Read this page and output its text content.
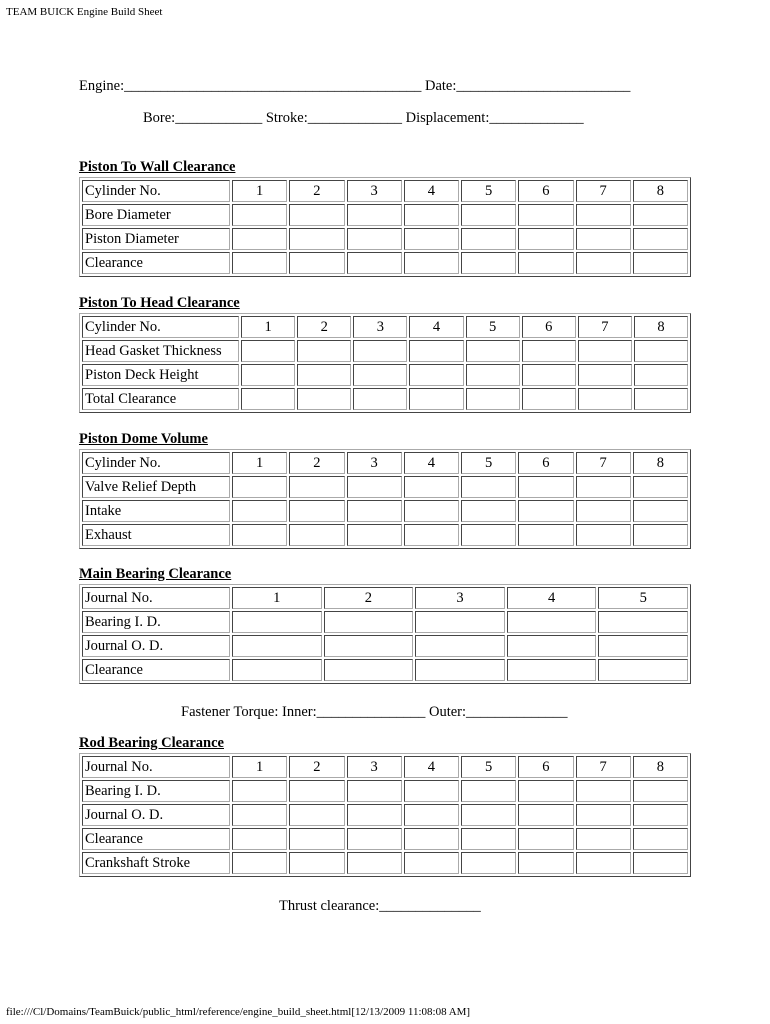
TEAM BUICK Engine Build Sheet
Engine:_________________________________________ Date:________________________
Bore:____________ Stroke:_____________ Displacement:_____________
Piston To Wall Clearance
Cylinder No.	1	2	3	4	5	6	7	8
Bore Diameter								
Piston Diameter								
Clearance								
Piston To Head Clearance
Cylinder No.	1	2	3	4	5	6	7	8
Head Gasket Thickness								
Piston Deck Height								
Total Clearance								
Piston Dome Volume
Cylinder No.	1	2	3	4	5	6	7	8
Valve Relief Depth								
Intake								
Exhaust								
Main Bearing Clearance
Journal No.	1	2	3	4	5
Bearing I. D.					
Journal O. D.					
Clearance					
Fastener Torque: Inner:_______________ Outer:______________
Rod Bearing Clearance
Journal No.	1	2	3	4	5	6	7	8
Bearing I. D.								
Journal O. D.								
Clearance								
Crankshaft Stroke								
Thrust clearance:______________
file:///Cl/Domains/TeamBuick/public_html/reference/engine_build_sheet.html[12/13/2009 11:08:08 AM]
